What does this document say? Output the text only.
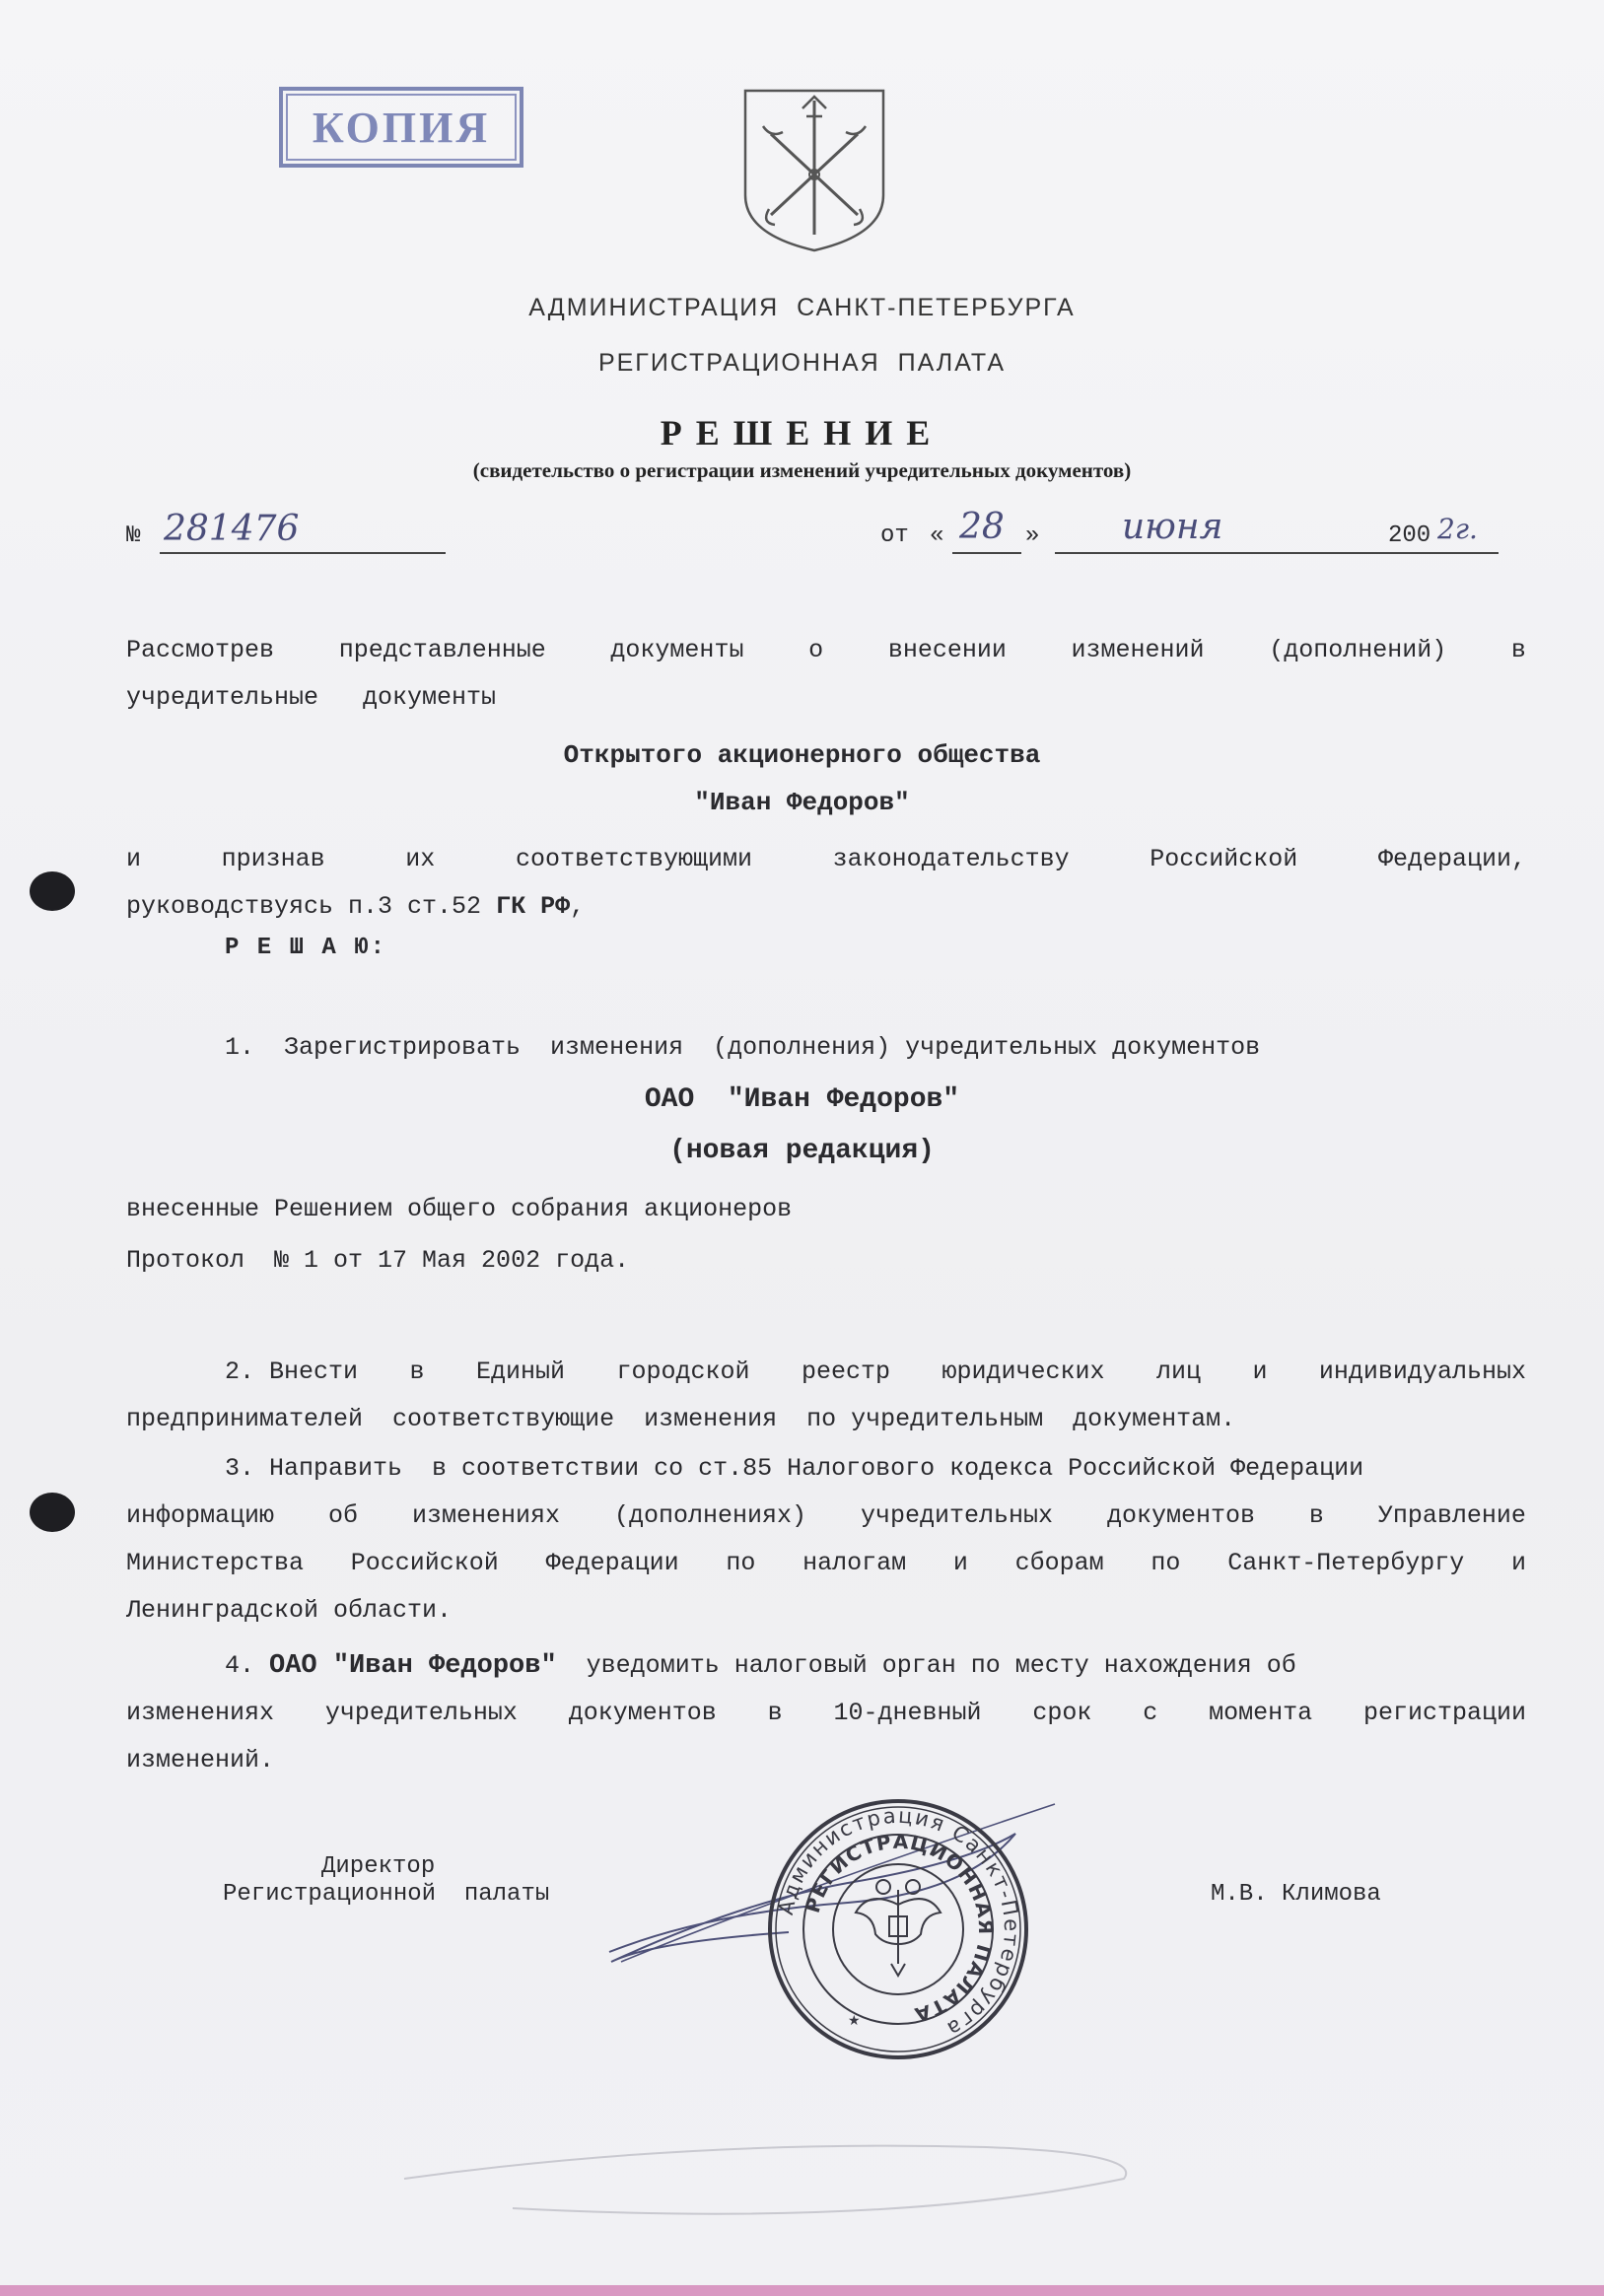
КОПИЯ
АДМИНИСТРАЦИЯ  САНКТ-ПЕТЕРБУРГА
РЕГИСТРАЦИОННАЯ  ПАЛАТА
РЕШЕНИЕ
(свидетельство о регистрации изменений учредительных документов)
№ 281476	от « 28 » июня	200 2г.
Рассмотрев	представленные	документы	о	внесении	изменений	(дополнений)	в
учредительные   документы
Открытого акционерного общества
"Иван Федоров"
и	признав	их	соответствующими	законодательству	Российской	Федерации,
руководствуясь п.3 ст.52 ГК РФ,
Р Е Ш А Ю:
1.  Зарегистрировать  изменения  (дополнения) учредительных документов
ОАО  "Иван Федоров"
(новая редакция)
внесенные Решением общего собрания акционеров
Протокол  № 1 от 17 Мая 2002 года.
2. Внести в Единый городской реестр юридических лиц и индивидуальных
предпринимателей  соответствующие  изменения  по учредительным  документам.
3. Направить  в соответствии со ст.85 Налогового кодекса Российской Федерации
информацию об изменениях (дополнениях) учредительных документов в Управление
Министерства Российской Федерации по налогам и сборам по Санкт-Петербургу и
Ленинградской области.
4. ОАО "Иван Федоров"  уведомить налоговый орган по месту нахождения об
изменениях учредительных документов в 10-дневный срок с момента регистрации
изменений.
Директор
Регистрационной  палаты	М.В. Климова
Администрация Санкт-Петербурга
РЕГИСТРАЦИОННАЯ ПАЛАТА
★
